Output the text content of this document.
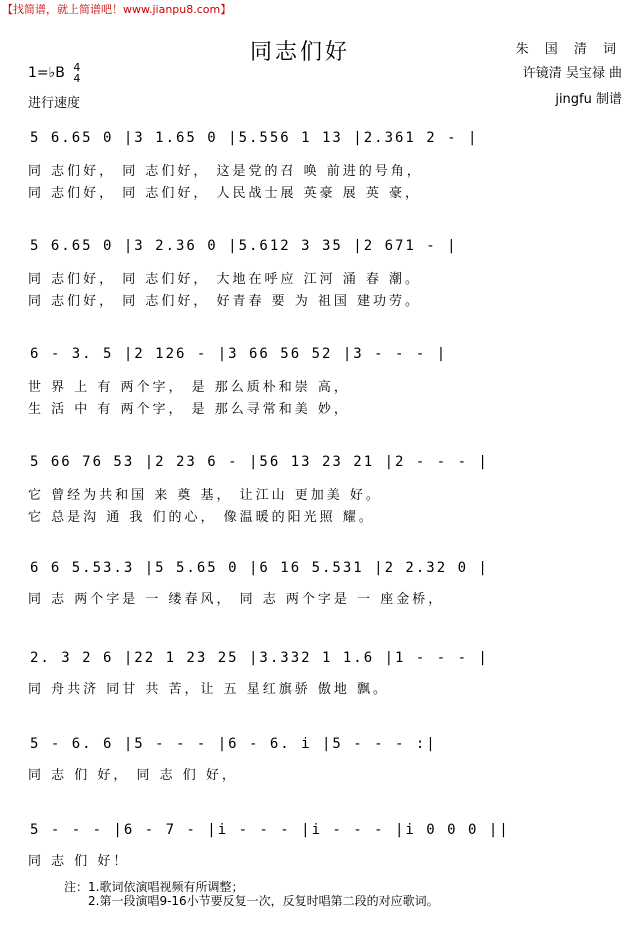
【找简谱，就上简谱吧！www.jianpu8.com】
同志们好
1=♭B 4
4
进行速度
朱 国 清 词
许镜清 吴宝禄 曲
jingfu 制谱
5 6.65 0 |3 1.65 0 |5.556 1 13 |2.361 2 - |
同 志们好， 同 志们好， 这是党的召 唤 前进的号角，
同 志们好， 同 志们好， 人民战士展 英豪 展 英 豪，
5 6.65 0 |3 2.36 0 |5.612 3 35 |2 671 - |
同 志们好， 同 志们好， 大地在呼应 江河 涌 春 潮。
同 志们好， 同 志们好， 好青春 要 为 祖国 建功劳。
6 - 3. 5 |2 126 - |3 66 56 52 |3 - - - |
世 界 上 有 两个字， 是 那么质朴和崇 高，
生 活 中 有 两个字， 是 那么寻常和美 妙，
5 66 76 53 |2 23 6 - |56 13 23 21 |2 - - - |
它 曾经为共和国 来 奠 基， 让江山 更加美 好。
它 总是沟 通 我 们的心， 像温暖的阳光照 耀。
6 6 5.53.3 |5 5.65 0 |6 16 5.531 |2 2.32 0 |
同 志 两个字是 一 缕春风， 同 志 两个字是 一 座金桥，
2. 3 2 6 |22 1 23 25 |3.332 1 1.6 |1 - - - |
同 舟共济 同甘 共 苦，让 五 星红旗骄 傲地 飘。
5 - 6. 6 |5 - - - |6 - 6. i |5 - - - :|
同 志 们 好， 同 志 们 好，
5 - - - |6 - 7 - |i - - - |i - - - |i 0 0 0 ||
同 志 们 好！
注：1.歌词依演唱视频有所调整；
2.第一段演唱9-16小节要反复一次，反复时唱第二段的对应歌词。
